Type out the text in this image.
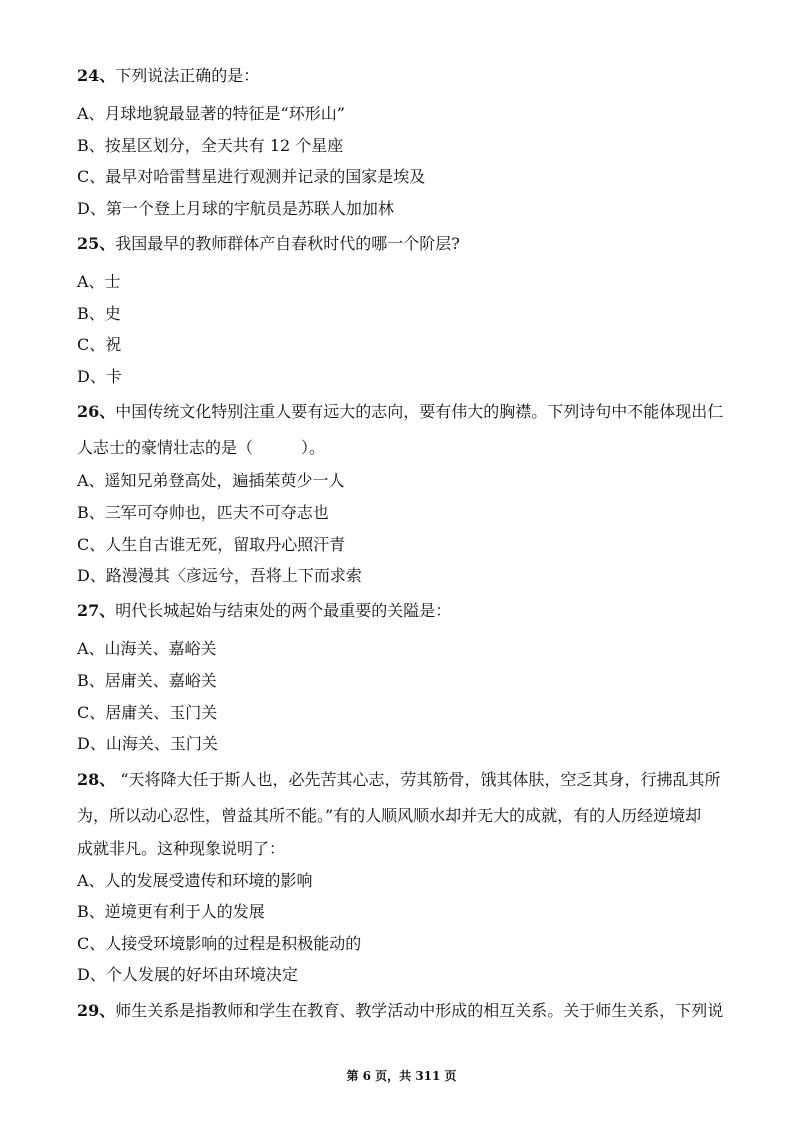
24、下列说法正确的是：
A、月球地貌最显著的特征是“环形山”
B、按星区划分，全天共有 12 个星座
C、最早对哈雷彗星进行观测并记录的国家是埃及
D、第一个登上月球的宇航员是苏联人加加林
25、我国最早的教师群体产自春秋时代的哪一个阶层?
A、士
B、史
C、祝
D、卡
26、中国传统文化特别注重人要有远大的志向，要有伟大的胸襟。下列诗句中不能体现出仁
人志士的豪情壮志的是（　　　）。
A、遥知兄弟登高处，遍插茱萸少一人
B、三军可夺帅也，匹夫不可夺志也
C、人生自古谁无死，留取丹心照汗青
D、路漫漫其〈彦远兮，吾将上下而求索
27、明代长城起始与结束处的两个最重要的关隘是：
A、山海关、嘉峪关
B、居庸关、嘉峪关
C、居庸关、玉门关
D、山海关、玉门关
28、 “天将降大任于斯人也，必先苦其心志，劳其筋骨，饿其体肤，空乏其身，行拂乱其所
为，所以动心忍性，曾益其所不能。”有的人顺风顺水却并无大的成就，有的人历经逆境却
成就非凡。这种现象说明了：
A、人的发展受遗传和环境的影响
B、逆境更有利于人的发展
C、人接受环境影响的过程是积极能动的
D、个人发展的好坏由环境决定
29、师生关系是指教师和学生在教育、教学活动中形成的相互关系。关于师生关系，下列说
第 6 页，共 311 页
